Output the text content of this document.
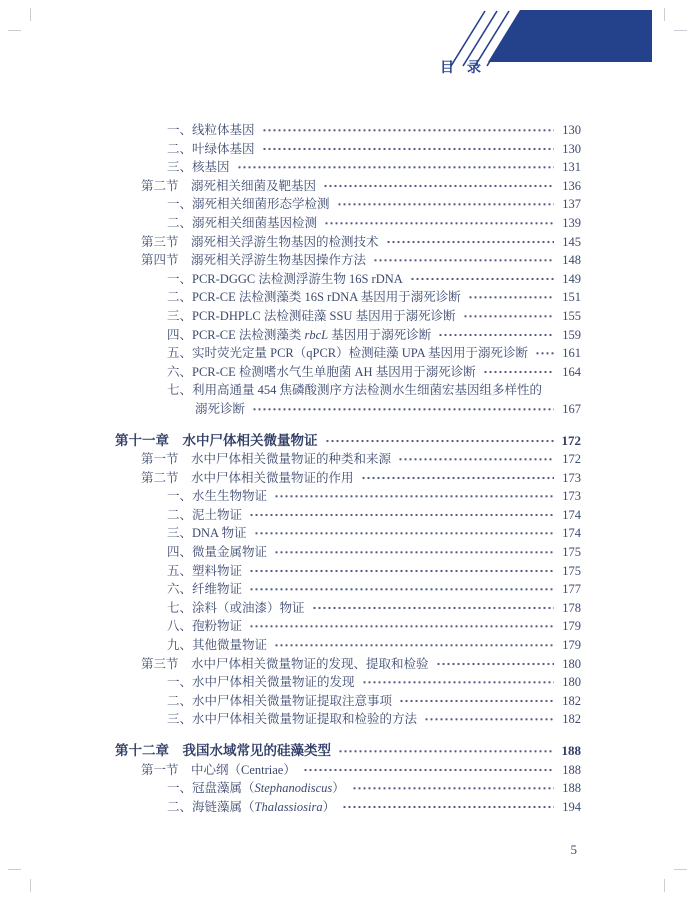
目  录
一、线粒体基因	130
二、叶绿体基因	130
三、核基因	131
第二节　溺死相关细菌及靶基因	136
一、溺死相关细菌形态学检测	137
二、溺死相关细菌基因检测	139
第三节　溺死相关浮游生物基因的检测技术	145
第四节　溺死相关浮游生物基因操作方法	148
一、PCR-DGGC 法检测浮游生物 16S rDNA	149
二、PCR-CE 法检测藻类 16S rDNA 基因用于溺死诊断	151
三、PCR-DHPLC 法检测硅藻 SSU 基因用于溺死诊断	155
四、PCR-CE 法检测藻类 rbcL 基因用于溺死诊断	159
五、实时荧光定量 PCR（qPCR）检测硅藻 UPA 基因用于溺死诊断	161
六、PCR-CE 检测嗜水气生单胞菌 AH 基因用于溺死诊断	164
七、利用高通量 454 焦磷酸测序方法检测水生细菌宏基因组多样性的
溺死诊断	167
第十一章　水中尸体相关微量物证	172
第一节　水中尸体相关微量物证的种类和来源	172
第二节　水中尸体相关微量物证的作用	173
一、水生生物物证	173
二、泥土物证	174
三、DNA 物证	174
四、微量金属物证	175
五、塑料物证	175
六、纤维物证	177
七、涂料（或油漆）物证	178
八、孢粉物证	179
九、其他微量物证	179
第三节　水中尸体相关微量物证的发现、提取和检验	180
一、水中尸体相关微量物证的发现	180
二、水中尸体相关微量物证提取注意事项	182
三、水中尸体相关微量物证提取和检验的方法	182
第十二章　我国水域常见的硅藻类型	188
第一节　中心纲（Centriae）	188
一、冠盘藻属（Stephanodiscus）	188
二、海链藻属（Thalassiosira）	194
5
